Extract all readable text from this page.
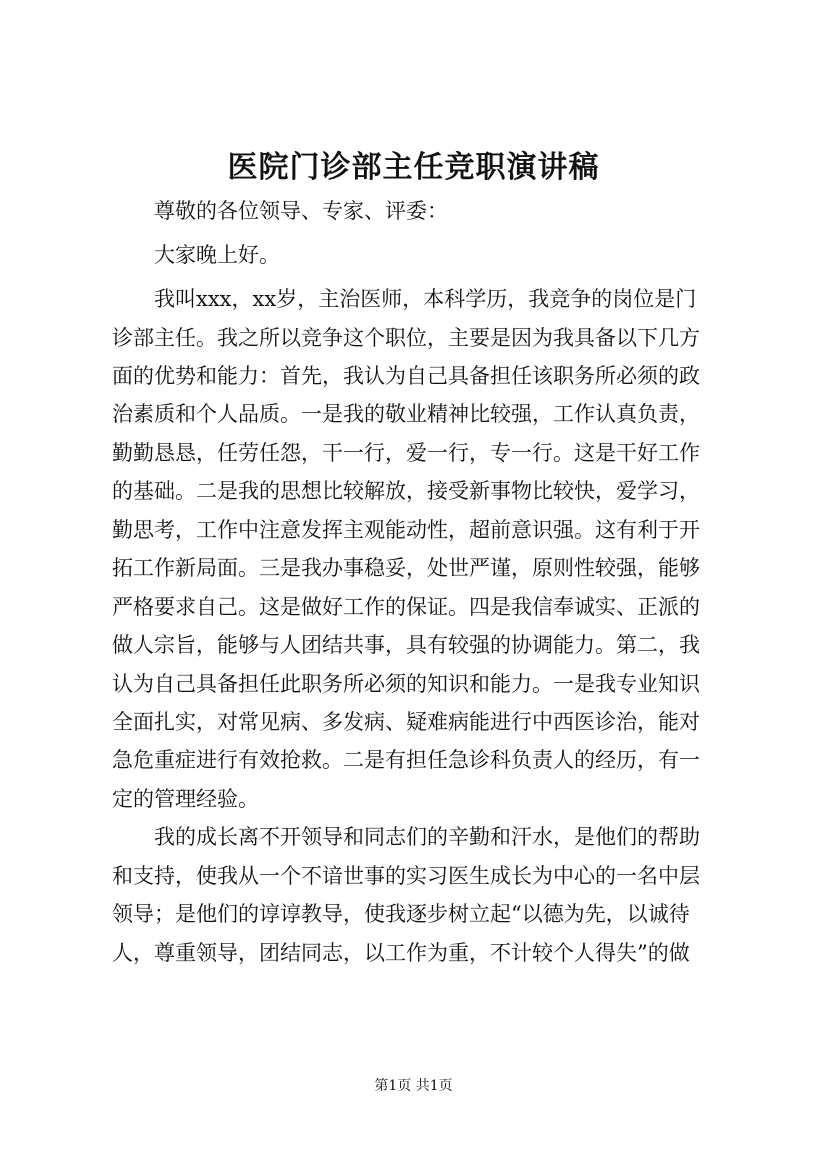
医院门诊部主任竞职演讲稿
　　尊敬的各位领导、专家、评委：
　　大家晚上好。
　　我叫xxx，xx岁，主治医师，本科学历，我竞争的岗位是门
诊部主任。我之所以竞争这个职位，主要是因为我具备以下几方
面的优势和能力：首先，我认为自己具备担任该职务所必须的政
治素质和个人品质。一是我的敬业精神比较强，工作认真负责，
勤勤恳恳，任劳任怨，干一行，爱一行，专一行。这是干好工作
的基础。二是我的思想比较解放，接受新事物比较快，爱学习，
勤思考，工作中注意发挥主观能动性，超前意识强。这有利于开
拓工作新局面。三是我办事稳妥，处世严谨，原则性较强，能够
严格要求自己。这是做好工作的保证。四是我信奉诚实、正派的
做人宗旨，能够与人团结共事，具有较强的协调能力。第二，我
认为自己具备担任此职务所必须的知识和能力。一是我专业知识
全面扎实，对常见病、多发病、疑难病能进行中西医诊治，能对
急危重症进行有效抢救。二是有担任急诊科负责人的经历，有一
定的管理经验。
　　我的成长离不开领导和同志们的辛勤和汗水，是他们的帮助
和支持，使我从一个不谙世事的实习医生成长为中心的一名中层
领导；是他们的谆谆教导，使我逐步树立起“以德为先，以诚待
人，尊重领导，团结同志，以工作为重，不计较个人得失”的做
第1页 共1页
